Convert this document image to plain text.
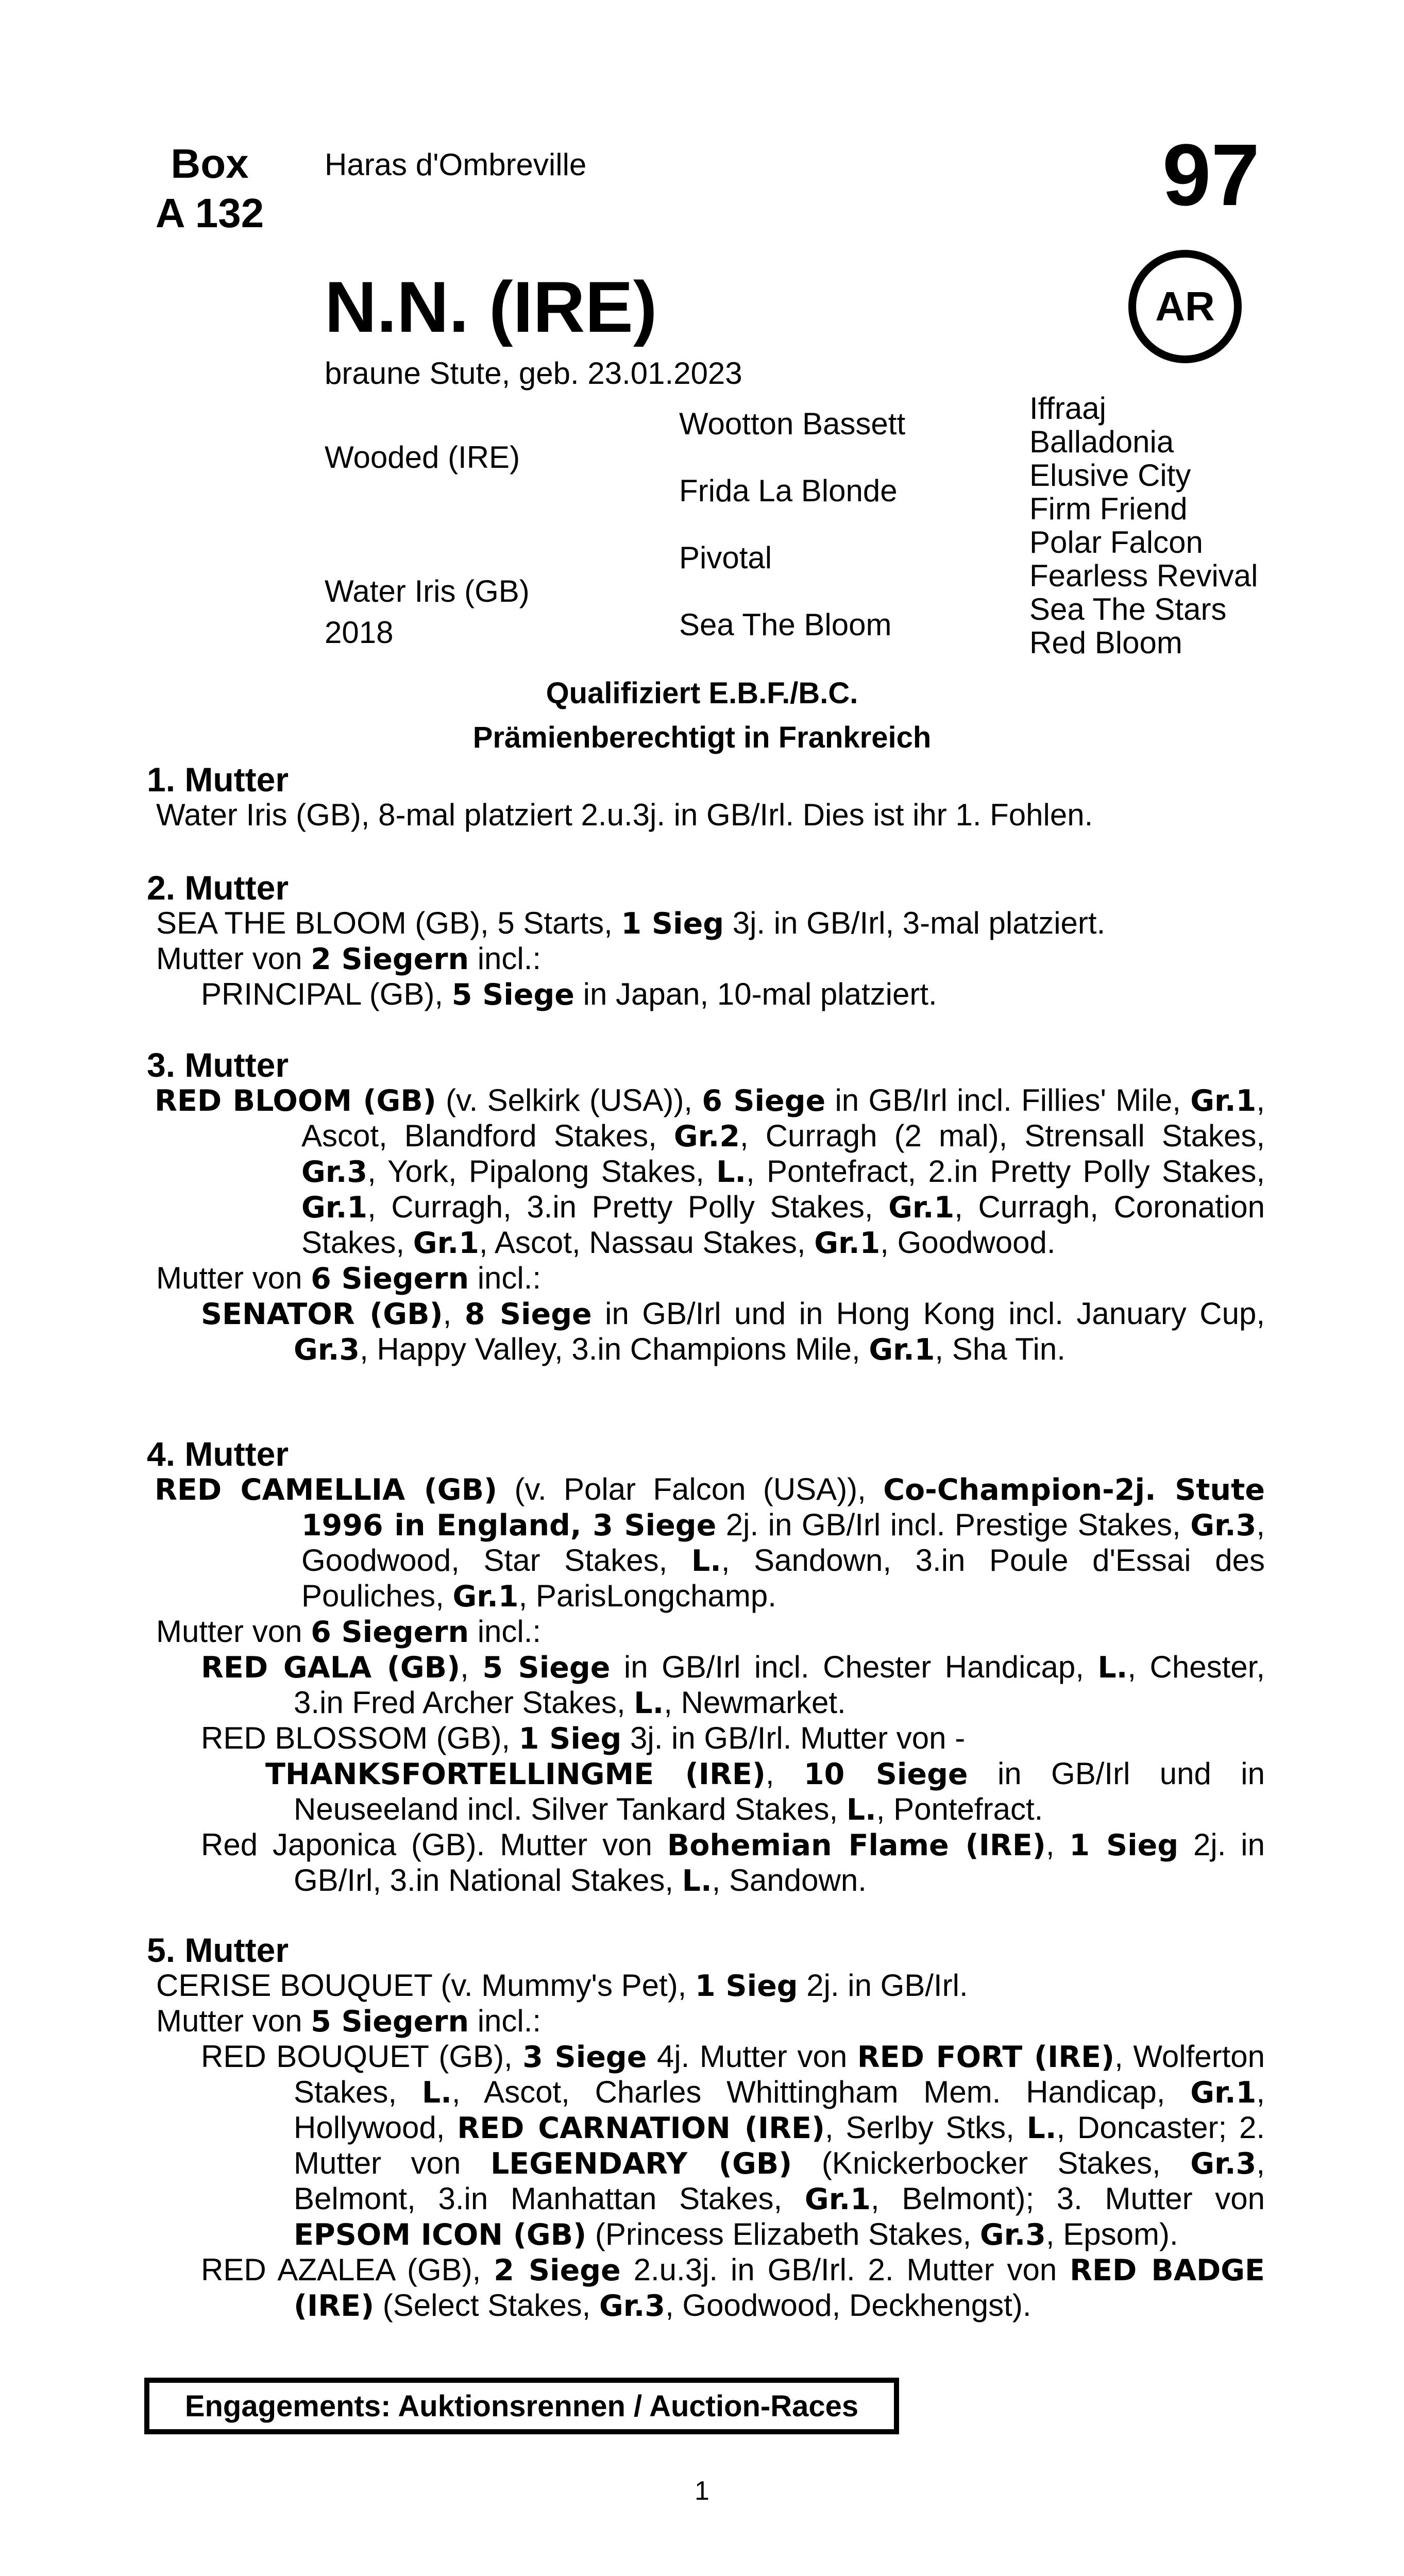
Box
A 132
Haras d'Ombreville	97
AR
N.N. (IRE)
braune Stute, geb. 23.01.2023
Wooded (IRE)
Water Iris (GB)
2018
Wootton Bassett
Frida La Blonde
Pivotal
Sea The Bloom
Iffraaj
Balladonia
Elusive City
Firm Friend
Polar Falcon
Fearless Revival
Sea The Stars
Red Bloom
Qualifiziert E.B.F./B.C.
Prämienberechtigt in Frankreich
1. Mutter
Water Iris (GB), 8-mal platziert 2.u.3j. in GB/Irl. Dies ist ihr 1. Fohlen.
2. Mutter
SEA THE BLOOM (GB), 5 Starts, 1 Sieg 3j. in GB/Irl, 3-mal platziert.
Mutter von 2 Siegern incl.:
PRINCIPAL (GB), 5 Siege in Japan, 10-mal platziert.
3. Mutter
RED BLOOM (GB) (v. Selkirk (USA)), 6 Siege in GB/Irl incl. Fillies' Mile, Gr.1, Ascot, Blandford Stakes, Gr.2, Curragh (2 mal), Strensall Stakes, Gr.3, York, Pipalong Stakes, L., Pontefract, 2.in Pretty Polly Stakes, Gr.1, Curragh, 3.in Pretty Polly Stakes, Gr.1, Curragh, Coronation Stakes, Gr.1, Ascot, Nassau Stakes, Gr.1, Goodwood.
Mutter von 6 Siegern incl.:
SENATOR (GB), 8 Siege in GB/Irl und in Hong Kong incl. January Cup, Gr.3, Happy Valley, 3.in Champions Mile, Gr.1, Sha Tin.
4. Mutter
RED CAMELLIA (GB) (v. Polar Falcon (USA)), Co-Champion-2j. Stute 1996 in England, 3 Siege 2j. in GB/Irl incl. Prestige Stakes, Gr.3, Goodwood, Star Stakes, L., Sandown, 3.in Poule d'Essai des Pouliches, Gr.1, ParisLongchamp.
Mutter von 6 Siegern incl.:
RED GALA (GB), 5 Siege in GB/Irl incl. Chester Handicap, L., Chester, 3.in Fred Archer Stakes, L., Newmarket.
RED BLOSSOM (GB), 1 Sieg 3j. in GB/Irl. Mutter von -
THANKSFORTELLINGME (IRE), 10 Siege in GB/Irl und in Neuseeland incl. Silver Tankard Stakes, L., Pontefract.
Red Japonica (GB). Mutter von Bohemian Flame (IRE), 1 Sieg 2j. in GB/Irl, 3.in National Stakes, L., Sandown.
5. Mutter
CERISE BOUQUET (v. Mummy's Pet), 1 Sieg 2j. in GB/Irl.
Mutter von 5 Siegern incl.:
RED BOUQUET (GB), 3 Siege 4j. Mutter von RED FORT (IRE), Wolferton Stakes, L., Ascot, Charles Whittingham Mem. Handicap, Gr.1, Hollywood, RED CARNATION (IRE), Serlby Stks, L., Doncaster; 2. Mutter von LEGENDARY (GB) (Knickerbocker Stakes, Gr.3, Belmont, 3.in Manhattan Stakes, Gr.1, Belmont); 3. Mutter von EPSOM ICON (GB) (Princess Elizabeth Stakes, Gr.3, Epsom).
RED AZALEA (GB), 2 Siege 2.u.3j. in GB/Irl. 2. Mutter von RED BADGE (IRE) (Select Stakes, Gr.3, Goodwood, Deckhengst).
Engagements: Auktionsrennen / Auction-Races
1
